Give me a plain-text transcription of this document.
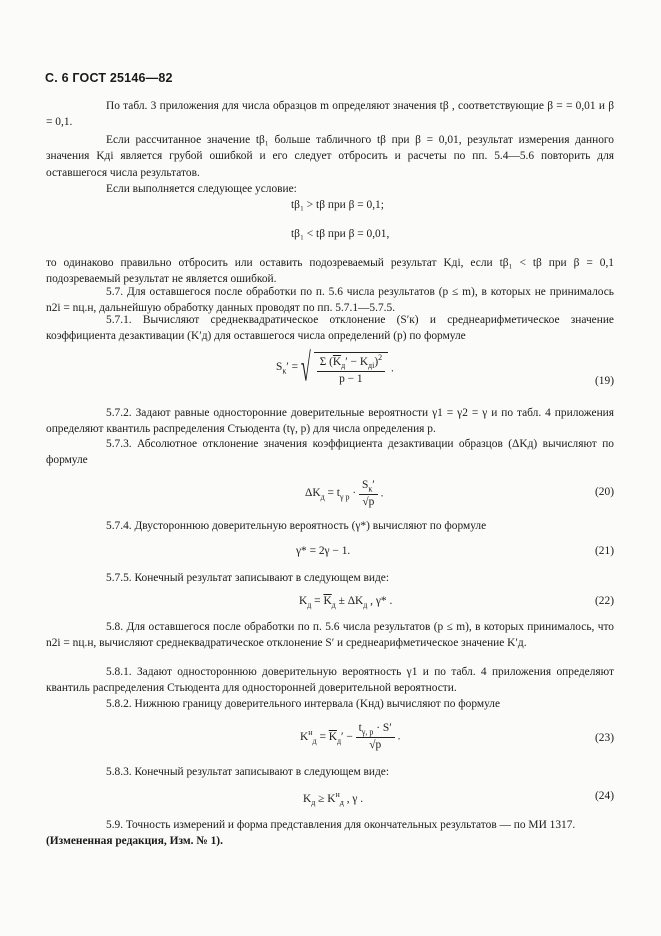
С. 6 ГОСТ 25146—82

По табл. 3 приложения для числа образцов m определяют значения tβ , соответствующие β = = 0,01 и β = 0,1.

Если рассчитанное значение tβ₁ больше табличного tβ при β = 0,01, результат измерения данного значения Kдi является грубой ошибкой и его следует отбросить и расчеты по пп. 5.4—5.6 повторить для оставшегося числа результатов.

Если выполняется следующее условие:

tβ₁ > tβ при β = 0,1;
tβ₁ < tβ при β = 0,01,

то одинаково правильно отбросить или оставить подозреваемый результат Kдi, если tβ₁ < tβ при β = 0,1 подозреваемый результат не является ошибкой.

5.7. Для оставшегося после обработки по п. 5.6 числа результатов (p ≤ m), в которых не принималось n2i = nц.н, дальнейшую обработку данных проводят по пп. 5.7.1—5.7.5.

5.7.1. Вычисляют среднеквадратическое отклонение (S′к) и среднеарифметическое значение коэффициента дезактивации (K′д) для оставшегося числа определений (p) по формуле

$S_к'$ = √ $\frac{\Sigma (\overline{K}_д' - K_{дi})^2}{p - 1}$ .
(19)

5.7.2. Задают равные односторонние доверительные вероятности γ1 = γ2 = γ и по табл. 4 приложения определяют квантиль распределения Стьюдента (tγ, p) для числа определения p.

5.7.3. Абсолютное отклонение значения коэффициента дезактивации образцов (ΔKд) вычисляют по формуле

$\Delta K_д = t_{\gamma p} \cdot \frac{S_к'}{√p}$ .	(20)

5.7.4. Двустороннюю доверительную вероятность (γ*) вычисляют по формуле

γ* = 2γ − 1.	(21)

5.7.5. Конечный результат записывают в следующем виде:

$K_д = \overline{K}_д \pm \Delta K_д$ , γ* .	(22)

5.8. Для оставшегося после обработки по п. 5.6 числа результатов (p ≤ m), в которых принималось, что n2i = nц.н, вычисляют среднеквадратическое отклонение S′ и среднеарифметическое значение K′д.

5.8.1. Задают одностороннюю доверительную вероятность γ1 и по табл. 4 приложения определяют квантиль распределения Стьюдента для односторонней доверительной вероятности.

5.8.2. Нижнюю границу доверительного интервала (Kнд) вычисляют по формуле

$K^н_д = \overline{K}_д' - \frac{t_{\gamma, p} \cdot S'}{√p}$ .	(23)

5.8.3. Конечный результат записывают в следующем виде:

$K_д \ge K^н_д$ , γ .	(24)

5.9. Точность измерений и форма представления для окончательных результатов — по МИ 1317.

(Измененная редакция, Изм. № 1).
